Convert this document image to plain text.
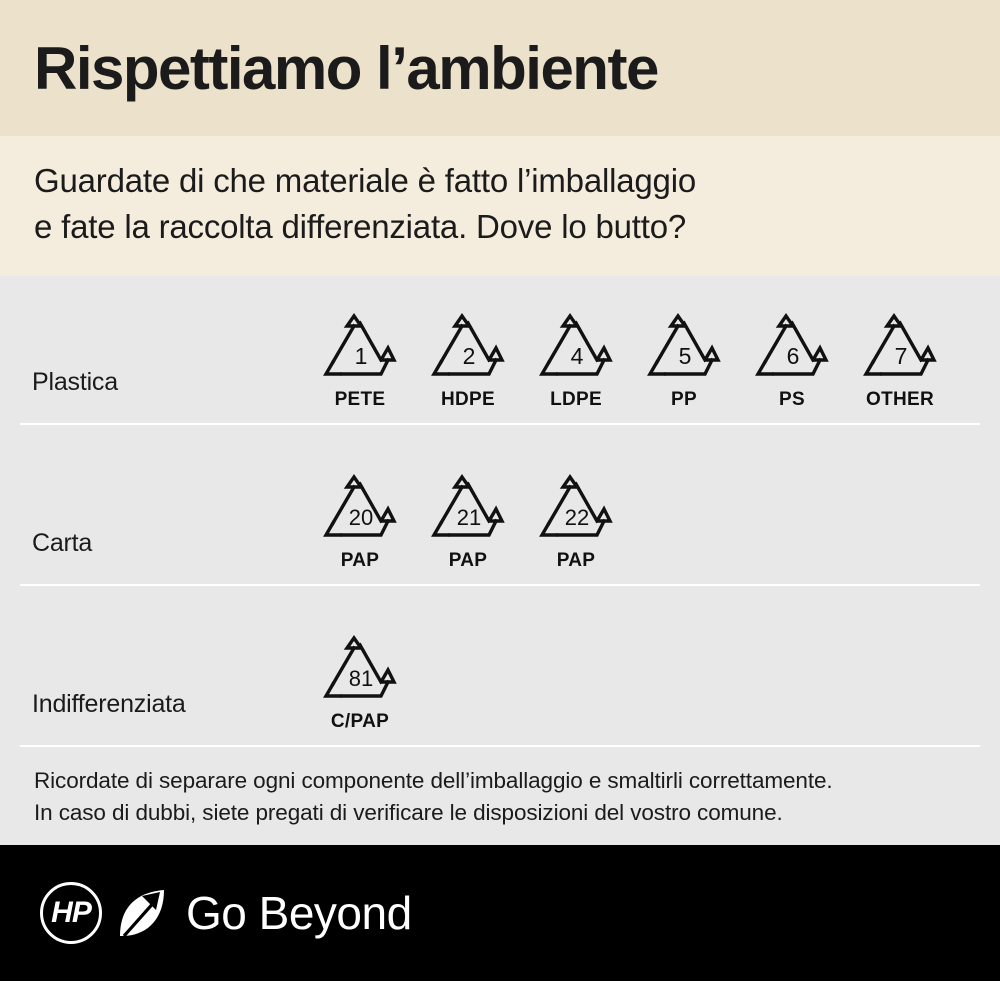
Rispettiamo l’ambiente
Guardate di che materiale è fatto l’imballaggio
e fate la raccolta differenziata. Dove lo butto?
Plastica
1
PETE
2
HDPE
4
LDPE
5
PP
6
PS
7
OTHER
Carta
20
PAP
21
PAP
22
PAP
Indifferenziata
81
C/PAP
Ricordate di separare ogni componente dell’imballaggio e smaltirli correttamente.
In caso di dubbi, siete pregati di verificare le disposizioni del vostro comune.
HP Go Beyond
